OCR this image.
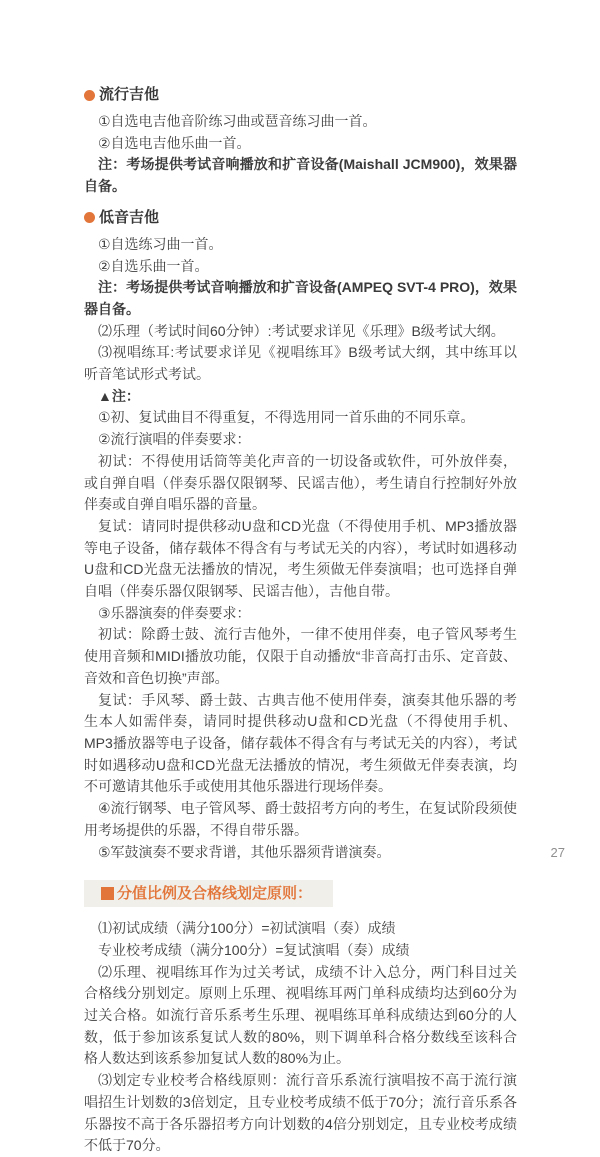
流行吉他

①自选电吉他音阶练习曲或琶音练习曲一首。

②自选电吉他乐曲一首。

注：考场提供考试音响播放和扩音设备(Maishall JCM900)，效果器自备。

低音吉他

①自选练习曲一首。

②自选乐曲一首。

注：考场提供考试音响播放和扩音设备(AMPEQ SVT-4 PRO)，效果器自备。

⑵乐理（考试时间60分钟）:考试要求详见《乐理》B级考试大纲。

⑶视唱练耳:考试要求详见《视唱练耳》B级考试大纲，其中练耳以听音笔试形式考试。

▲注：

①初、复试曲目不得重复，不得选用同一首乐曲的不同乐章。

②流行演唱的伴奏要求：

初试：不得使用话筒等美化声音的一切设备或软件，可外放伴奏，或自弹自唱（伴奏乐器仅限钢琴、民谣吉他），考生请自行控制好外放伴奏或自弹自唱乐器的音量。

复试：请同时提供移动U盘和CD光盘（不得使用手机、MP3播放器等电子设备，储存载体不得含有与考试无关的内容），考试时如遇移动U盘和CD光盘无法播放的情况，考生须做无伴奏演唱；也可选择自弹自唱（伴奏乐器仅限钢琴、民谣吉他），吉他自带。

③乐器演奏的伴奏要求：

初试：除爵士鼓、流行吉他外，一律不使用伴奏，电子管风琴考生使用音频和MIDI播放功能，仅限于自动播放“非音高打击乐、定音鼓、音效和音色切换”声部。

复试：手风琴、爵士鼓、古典吉他不使用伴奏，演奏其他乐器的考生本人如需伴奏，请同时提供移动U盘和CD光盘（不得使用手机、MP3播放器等电子设备，储存载体不得含有与考试无关的内容），考试时如遇移动U盘和CD光盘无法播放的情况，考生须做无伴奏表演，均不可邀请其他乐手或使用其他乐器进行现场伴奏。

④流行钢琴、电子管风琴、爵士鼓招考方向的考生，在复试阶段须使用考场提供的乐器，不得自带乐器。

⑤军鼓演奏不要求背谱，其他乐器须背谱演奏。

分值比例及合格线划定原则：

⑴初试成绩（满分100分）=初试演唱（奏）成绩

专业校考成绩（满分100分）=复试演唱（奏）成绩

⑵乐理、视唱练耳作为过关考试，成绩不计入总分，两门科目过关合格线分别划定。原则上乐理、视唱练耳两门单科成绩均达到60分为过关合格。如流行音乐系考生乐理、视唱练耳单科成绩达到60分的人数，低于参加该系复试人数的80%，则下调单科合格分数线至该科合格人数达到该系参加复试人数的80%为止。

⑶划定专业校考合格线原则：流行音乐系流行演唱按不高于流行演唱招生计划数的3倍划定，且专业校考成绩不低于70分；流行音乐系各乐器按不高于各乐器招考方向计划数的4倍分别划定，且专业校考成绩不低于70分。

27
